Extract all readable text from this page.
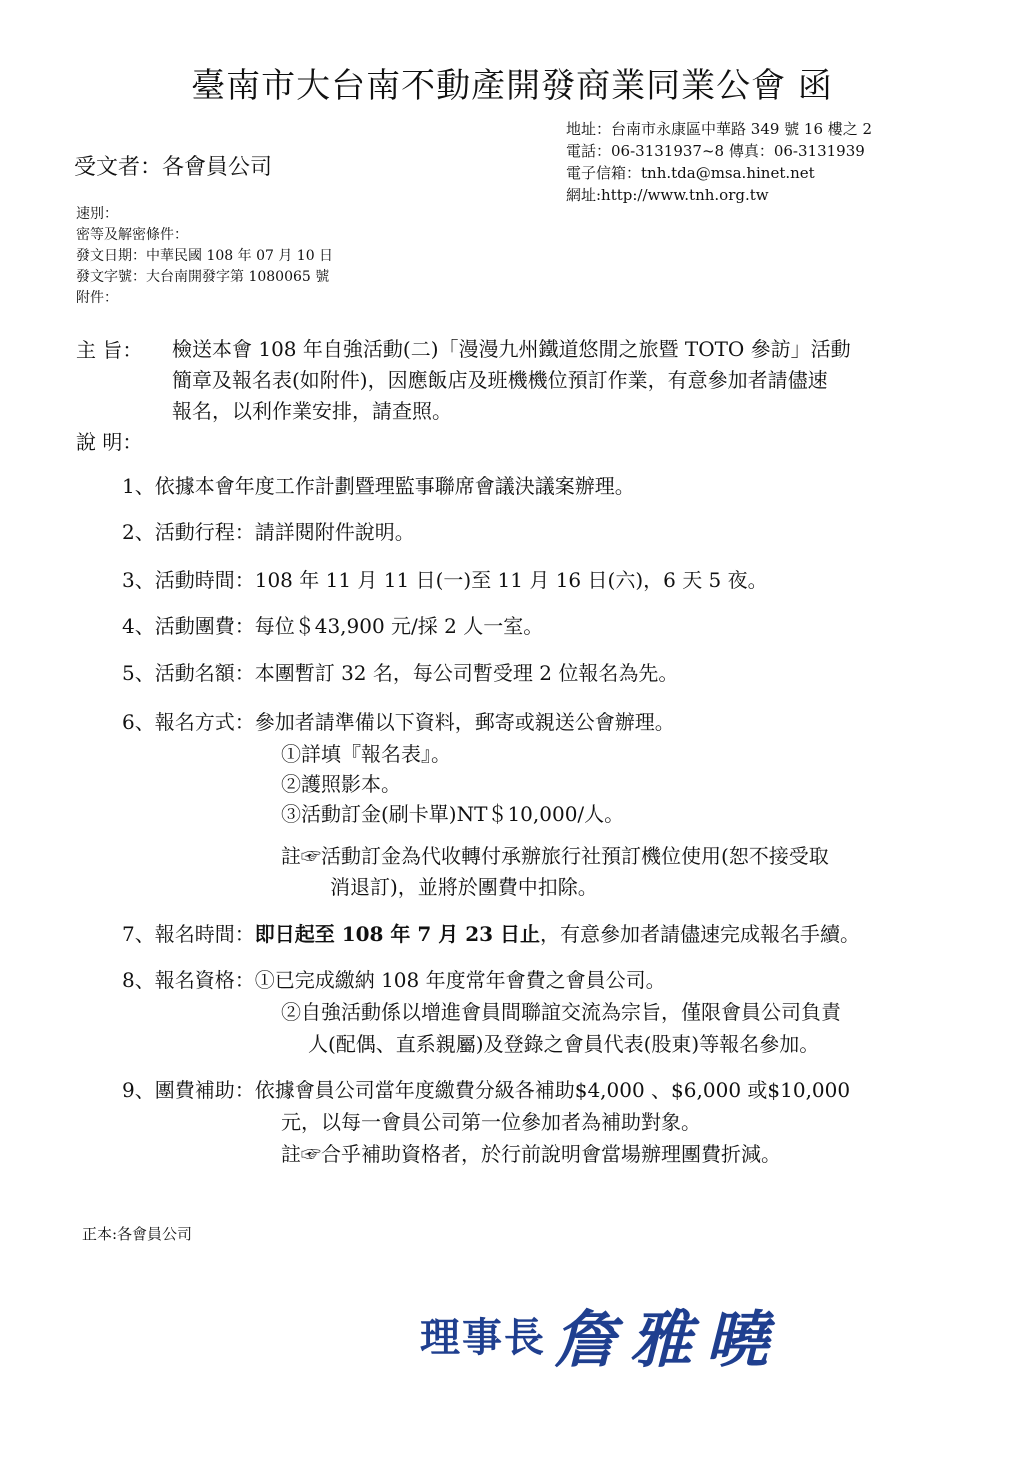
臺南市大台南不動產開發商業同業公會 函
受文者：各會員公司
地址：台南市永康區中華路 349 號 16 樓之 2
電話：06-3131937~8 傳真：06-3131939
電子信箱：tnh.tda@msa.hinet.net
網址:http://www.tnh.org.tw
速別：
密等及解密條件：
發文日期：中華民國 108 年 07 月 10 日
發文字號：大台南開發字第 1080065 號
附件：
主 旨： 檢送本會 108 年自強活動(二)「漫漫九州鐵道悠閒之旅暨 TOTO 參訪」活動
簡章及報名表(如附件)，因應飯店及班機機位預訂作業，有意參加者請儘速
報名，以利作業安排，請查照。
說 明：
1、依據本會年度工作計劃暨理監事聯席會議決議案辦理。
2、活動行程：請詳閱附件說明。
3、活動時間：108 年 11 月 11 日(一)至 11 月 16 日(六)，6 天 5 夜。
4、活動團費：每位＄43,900 元/採 2 人一室。
5、活動名額：本團暫訂 32 名，每公司暫受理 2 位報名為先。
6、報名方式：參加者請準備以下資料，郵寄或親送公會辦理。
①詳填『報名表』。
②護照影本。
③活動訂金(刷卡單)NT＄10,000/人。
註☞活動訂金為代收轉付承辦旅行社預訂機位使用(恕不接受取
消退訂)，並將於團費中扣除。
7、報名時間：即日起至 108 年 7 月 23 日止，有意參加者請儘速完成報名手續。
8、報名資格：①已完成繳納 108 年度常年會費之會員公司。
②自強活動係以增進會員間聯誼交流為宗旨，僅限會員公司負責
人(配偶、直系親屬)及登錄之會員代表(股東)等報名參加。
9、團費補助：依據會員公司當年度繳費分級各補助$4,000 、$6,000 或$10,000
元，以每一會員公司第一位參加者為補助對象。
註☞合乎補助資格者，於行前說明會當場辦理團費折減。
正本:各會員公司
理事長 詹雅曉
